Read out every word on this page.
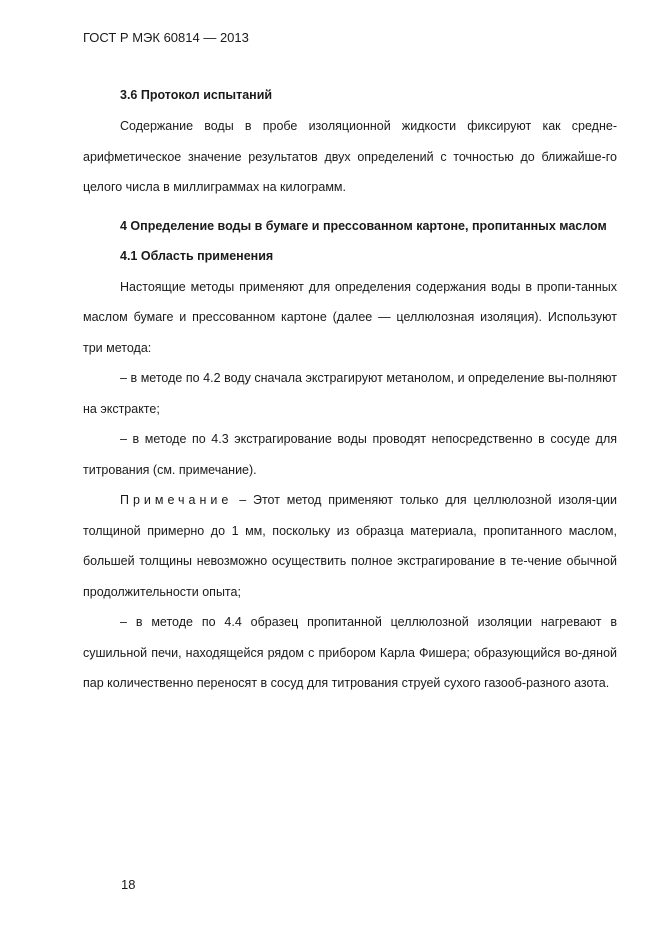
ГОСТ Р МЭК 60814 — 2013
3.6 Протокол испытаний

Содержание воды в пробе изоляционной жидкости фиксируют как средне-арифметическое значение результатов двух определений с точностью до ближайше-го целого числа в миллиграммах на килограмм.

4 Определение воды в бумаге и прессованном картоне, пропитанных маслом
4.1 Область применения

Настоящие методы применяют для определения содержания воды в пропи-танных маслом бумаге и прессованном картоне (далее — целлюлозная изоляция). Используют три метода:

– в методе по 4.2 воду сначала экстрагируют метанолом, и определение вы-полняют на экстракте;

– в методе по 4.3 экстрагирование воды проводят непосредственно в сосуде для титрования (см. примечание).

Примечание – Этот метод применяют только для целлюлозной изоля-ции толщиной примерно до 1 мм, поскольку из образца материала, пропитанного маслом, большей толщины невозможно осуществить полное экстрагирование в те-чение обычной продолжительности опыта;

– в методе по 4.4 образец пропитанной целлюлозной изоляции нагревают в сушильной печи, находящейся рядом с прибором Карла Фишера; образующийся во-дяной пар количественно переносят в сосуд для титрования струей сухого газооб-разного азота.

18
